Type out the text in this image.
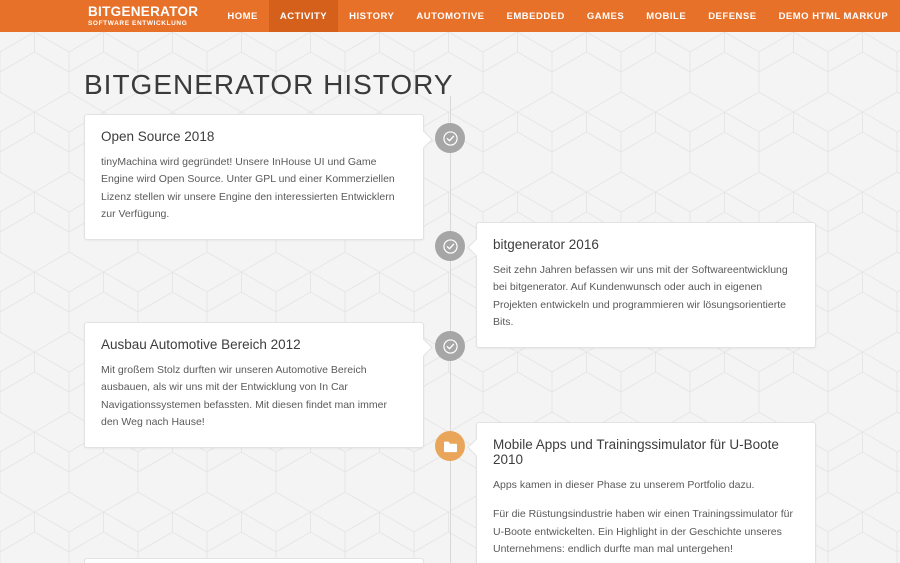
BITGENERATOR
SOFTWARE ENTWICKLUNG
HOME	ACTIVITY	HISTORY	AUTOMOTIVE	EMBEDDED	GAMES	MOBILE	DEFENSE	DEMO HTML MARKUP
BITGENERATOR HISTORY
Open Source 2018

tinyMachina wird gegründet! Unsere InHouse UI und Game Engine wird Open Source. Unter GPL und einer Kommerziellen Lizenz stellen wir unsere Engine den interessierten Entwicklern zur Verfügung.

bitgenerator 2016

Seit zehn Jahren befassen wir uns mit der Softwareentwicklung bei bitgenerator. Auf Kundenwunsch oder auch in eigenen Projekten entwickeln und programmieren wir lösungsorientierte Bits.

Ausbau Automotive Bereich 2012

Mit großem Stolz durften wir unseren Automotive Bereich ausbauen, als wir uns mit der Entwicklung von In Car Navigationssystemen befassten. Mit diesen findet man immer den Weg nach Hause!

Mobile Apps und Trainingssimulator für U-Boote 2010

Apps kamen in dieser Phase zu unserem Portfolio dazu.

Für die Rüstungsindustrie haben wir einen Trainingssimulator für U-Boote entwickelten. Ein Highlight in der Geschichte unseres Unternehmens: endlich durfte man mal untergehen!
